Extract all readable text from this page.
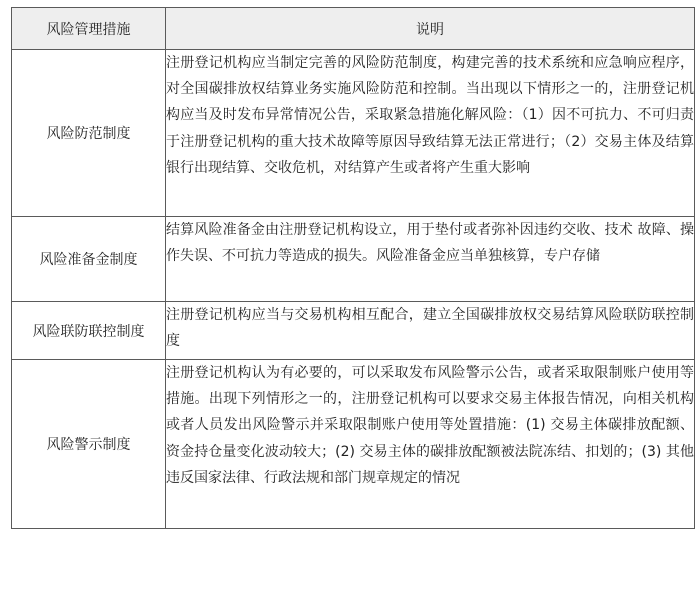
风险管理措施	说明
风险防范制度	注册登记机构应当制定完善的风险防范制度，构建完善的技术系统和应急响应程序，对全国碳排放权结算业务实施风险防范和控制。当出现以下情形之一的，注册登记机构应当及时发布异常情况公告，采取紧急措施化解风险：（1）因不可抗力、不可归责于注册登记机构的重大技术故障等原因导致结算无法正常进行；（2）交易主体及结算银行出现结算、交收危机，对结算产生或者将产生重大影响

风险准备金制度	结算风险准备金由注册登记机构设立，用于垫付或者弥补因违约交收、技术 故障、操作失误、不可抗力等造成的损失。风险准备金应当单独核算，专户存储

风险联防联控制度	注册登记机构应当与交易机构相互配合，建立全国碳排放权交易结算风险联防联控制度

风险警示制度	注册登记机构认为有必要的，可以采取发布风险警示公告，或者采取限制账户使用等措施。出现下列情形之一的，注册登记机构可以要求交易主体报告情况，向相关机构或者人员发出风险警示并采取限制账户使用等处置措施：(1) 交易主体碳排放配额、资金持仓量变化波动较大；(2) 交易主体的碳排放配额被法院冻结、扣划的；(3) 其他违反国家法律、行政法规和部门规章规定的情况
